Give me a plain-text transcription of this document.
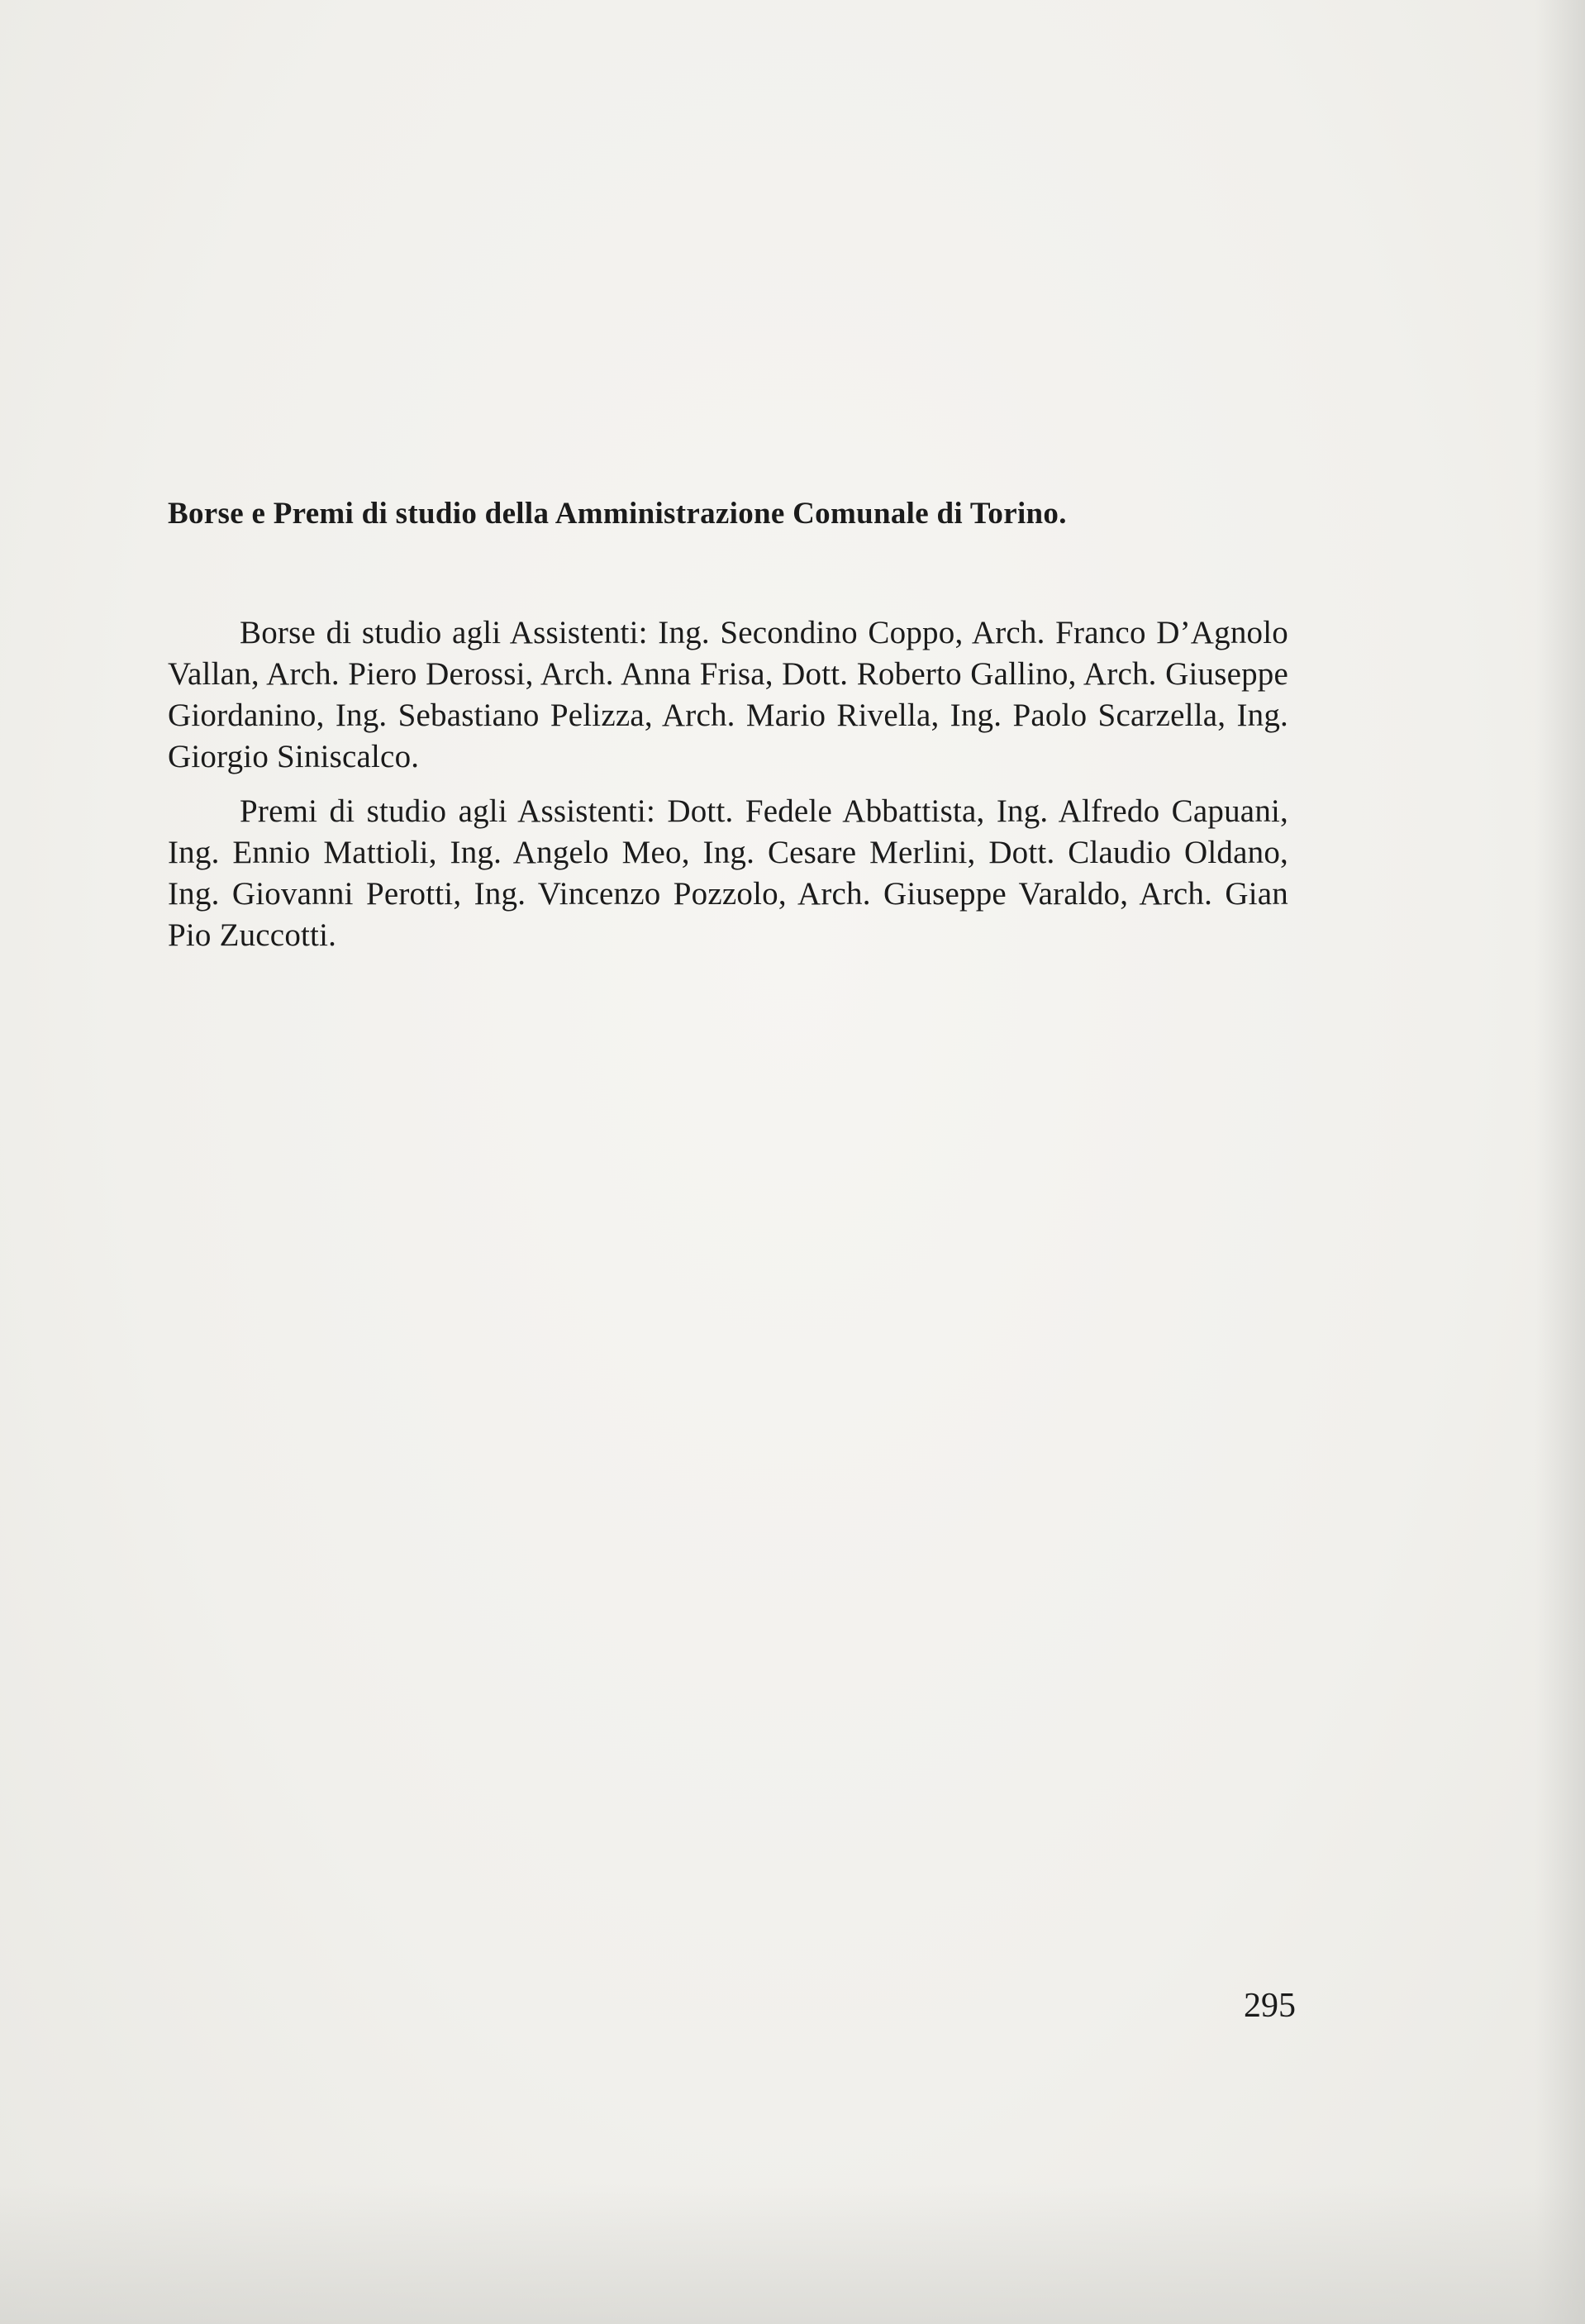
Borse e Premi di studio della Amministrazione Comunale di Torino.

Borse di studio agli Assistenti: Ing. Secondino Coppo, Arch. Franco D’Agnolo Vallan, Arch. Piero Derossi, Arch. Anna Frisa, Dott. Roberto Gallino, Arch. Giuseppe Giordanino, Ing. Sebastiano Pelizza, Arch. Mario Rivella, Ing. Paolo Scarzella, Ing. Giorgio Siniscalco.

Premi di studio agli Assistenti: Dott. Fedele Abbattista, Ing. Alfredo Capuani, Ing. Ennio Mattioli, Ing. Angelo Meo, Ing. Cesare Merlini, Dott. Claudio Oldano, Ing. Giovanni Perotti, Ing. Vincenzo Pozzolo, Arch. Giuseppe Varaldo, Arch. Gian Pio Zuccotti.

295
